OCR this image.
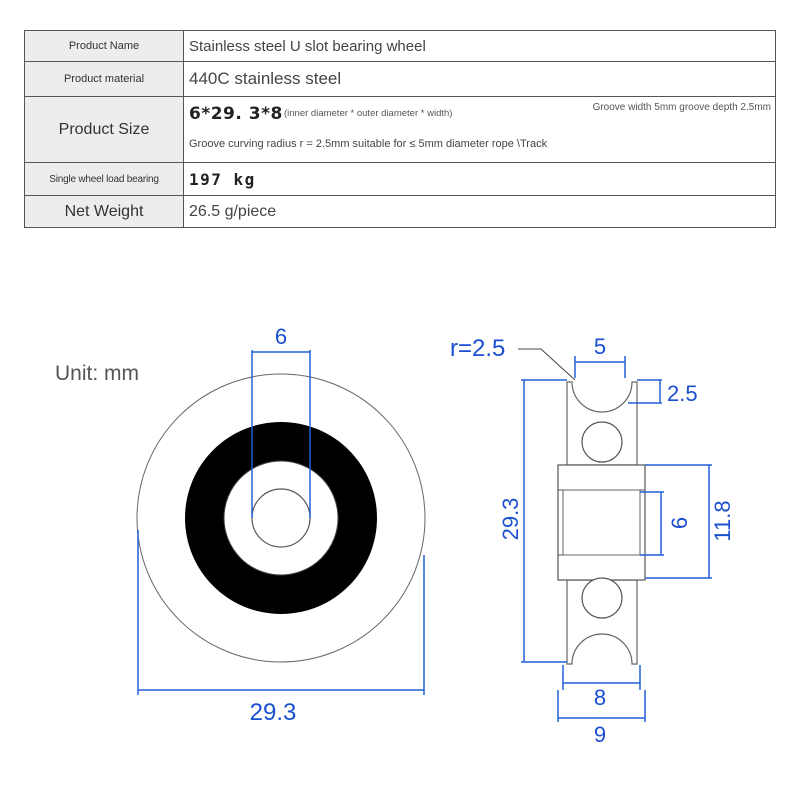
Product Name	Stainless steel U slot bearing wheel
Product material	440C stainless steel
Product Size	6*29. 3*8 (inner diameter * outer diameter * width)
Groove width 5mm groove depth 2.5mm
Groove curving radius r = 2.5mm suitable for ≤ 5mm diameter rope \Track

Single wheel load bearing	197 kg
Net Weight	26.5 g/piece
Unit: mm
6
29.3
r=2.5	5
2.5
29.3	11.8
6
8
9
